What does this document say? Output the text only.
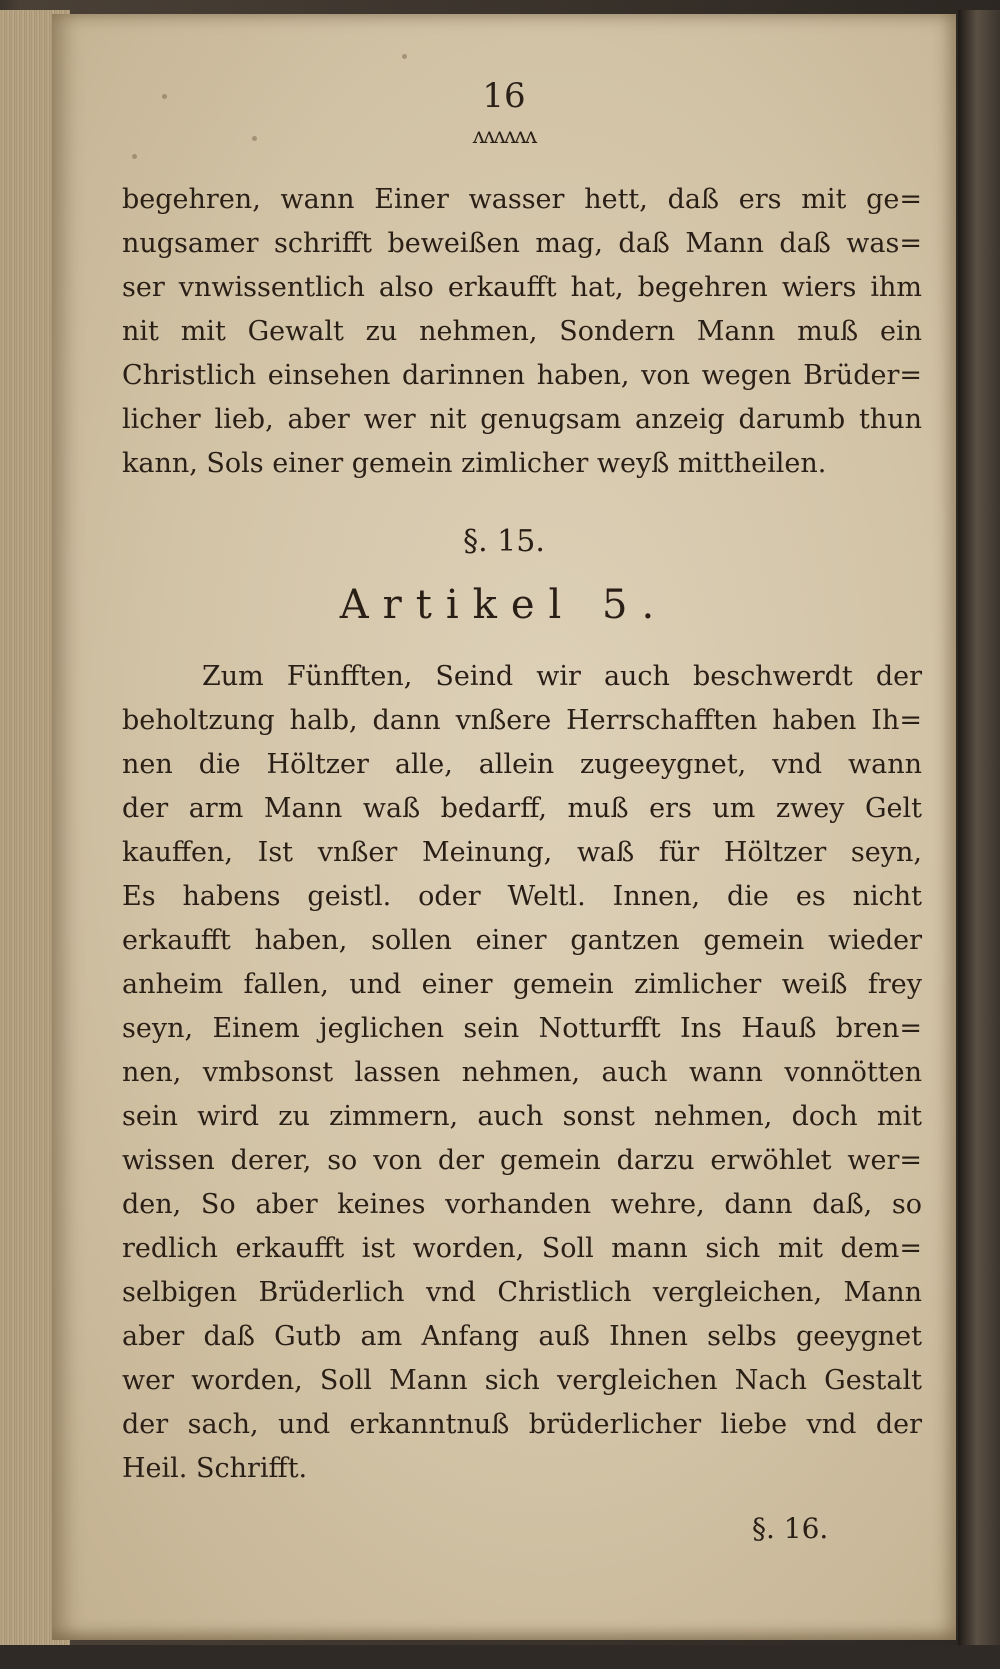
16
ʌʌʌʌʌʌ
begehren, wann Einer wasser hett, daß ers mit ge=
nugsamer schrifft beweißen mag, daß Mann daß was=
ser vnwissentlich also erkaufft hat, begehren wiers ihm
nit mit Gewalt zu nehmen, Sondern Mann muß ein
Christlich einsehen darinnen haben, von wegen Brüder=
licher lieb, aber wer nit genugsam anzeig darumb thun
kann, Sols einer gemein zimlicher weyß mittheilen.
§. 15.
Artikel 5.
Zum Fünfften, Seind wir auch beschwerdt der
beholtzung halb, dann vnßere Herrschafften haben Ih=
nen die Höltzer alle, allein zugeeygnet, vnd wann
der arm Mann waß bedarff, muß ers um zwey Gelt
kauffen, Ist vnßer Meinung, waß für Höltzer seyn,
Es habens geistl. oder Weltl. Innen, die es nicht
erkaufft haben, sollen einer gantzen gemein wieder
anheim fallen, und einer gemein zimlicher weiß frey
seyn, Einem jeglichen sein Notturfft Ins Hauß bren=
nen, vmbsonst lassen nehmen, auch wann vonnötten
sein wird zu zimmern, auch sonst nehmen, doch mit
wissen derer, so von der gemein darzu erwöhlet wer=
den, So aber keines vorhanden wehre, dann daß, so
redlich erkaufft ist worden, Soll mann sich mit dem=
selbigen Brüderlich vnd Christlich vergleichen, Mann
aber daß Gutb am Anfang auß Ihnen selbs geeygnet
wer worden, Soll Mann sich vergleichen Nach Gestalt
der sach, und erkanntnuß brüderlicher liebe vnd der
Heil. Schrifft.
§. 16.
